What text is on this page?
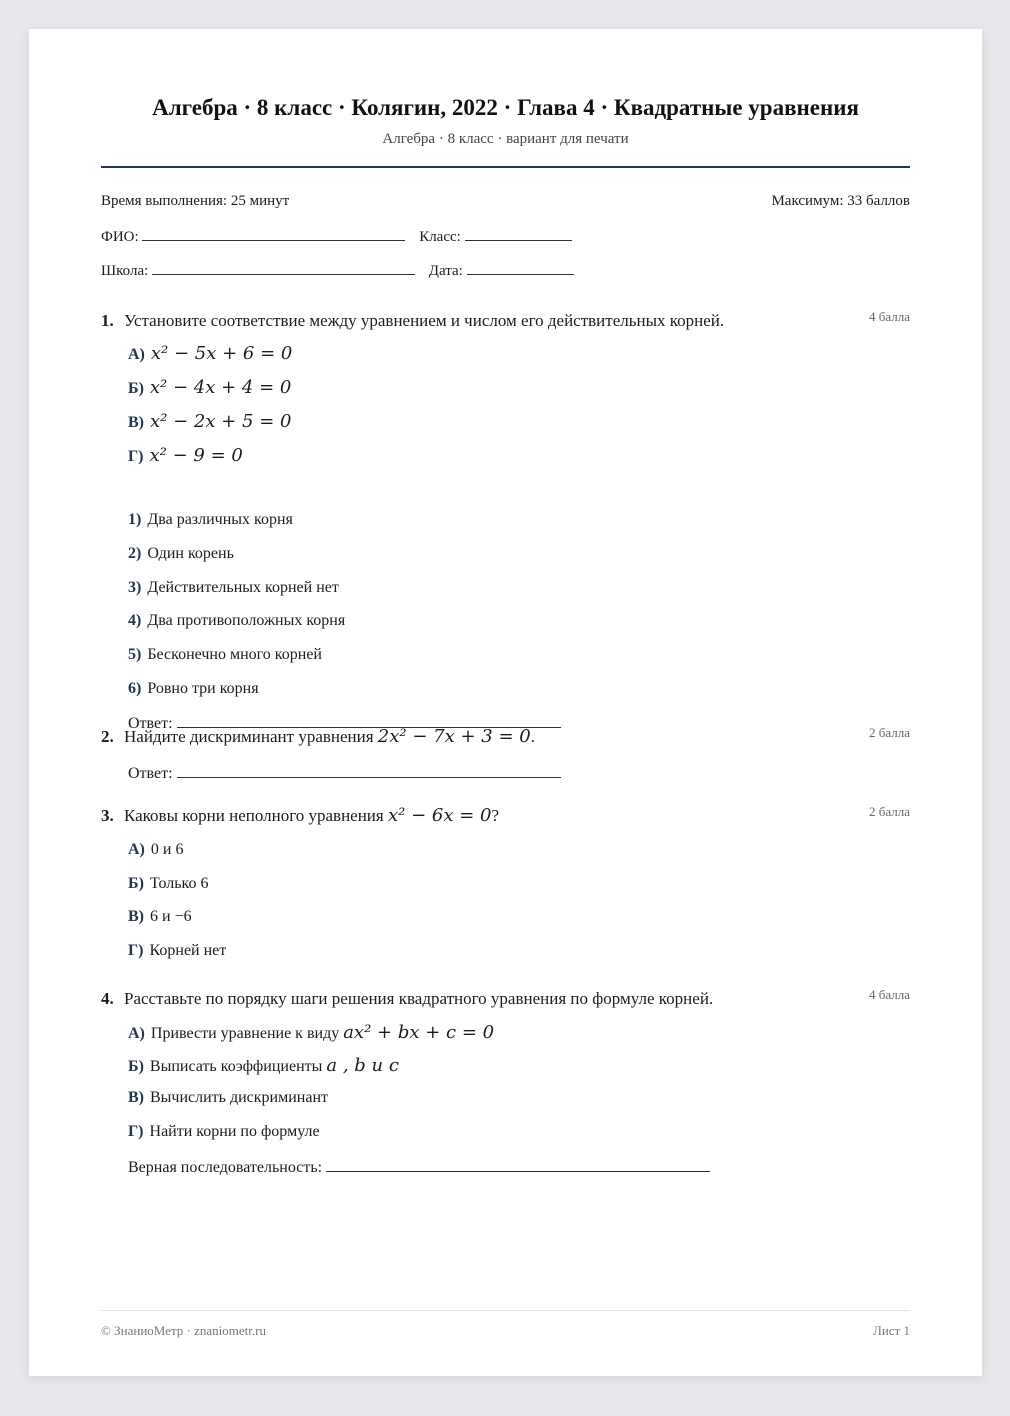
Алгебра · 8 класс · Колягин, 2022 · Глава 4 · Квадратные уравнения
Алгебра · 8 класс · вариант для печати
Время выполнения: 25 минут	Максимум: 33 баллов
ФИО:	Класс:
Школа:	Дата:
1. Установите соответствие между уравнением и числом его действительных корней.	4 балла
А) x² − 5x + 6 = 0
Б) x² − 4x + 4 = 0
В) x² − 2x + 5 = 0
Г) x² − 9 = 0
1) Два различных корня
2) Один корень
3) Действительных корней нет
4) Два противоположных корня
5) Бесконечно много корней
6) Ровно три корня
Ответ:
2. Найдите дискриминант уравнения 2x² − 7x + 3 = 0.	2 балла
Ответ:
3. Каковы корни неполного уравнения x² − 6x = 0?	2 балла
А) 0 и 6
Б) Только 6
В) 6 и −6
Г) Корней нет
4. Расставьте по порядку шаги решения квадратного уравнения по формуле корней.	4 балла
А) Привести уравнение к виду ax² + bx + c = 0
Б) Выписать коэффициенты a , b и c
В) Вычислить дискриминант
Г) Найти корни по формуле
Верная последовательность:
© ЗнаниоМетр · znaniometr.ru	Лист 1
